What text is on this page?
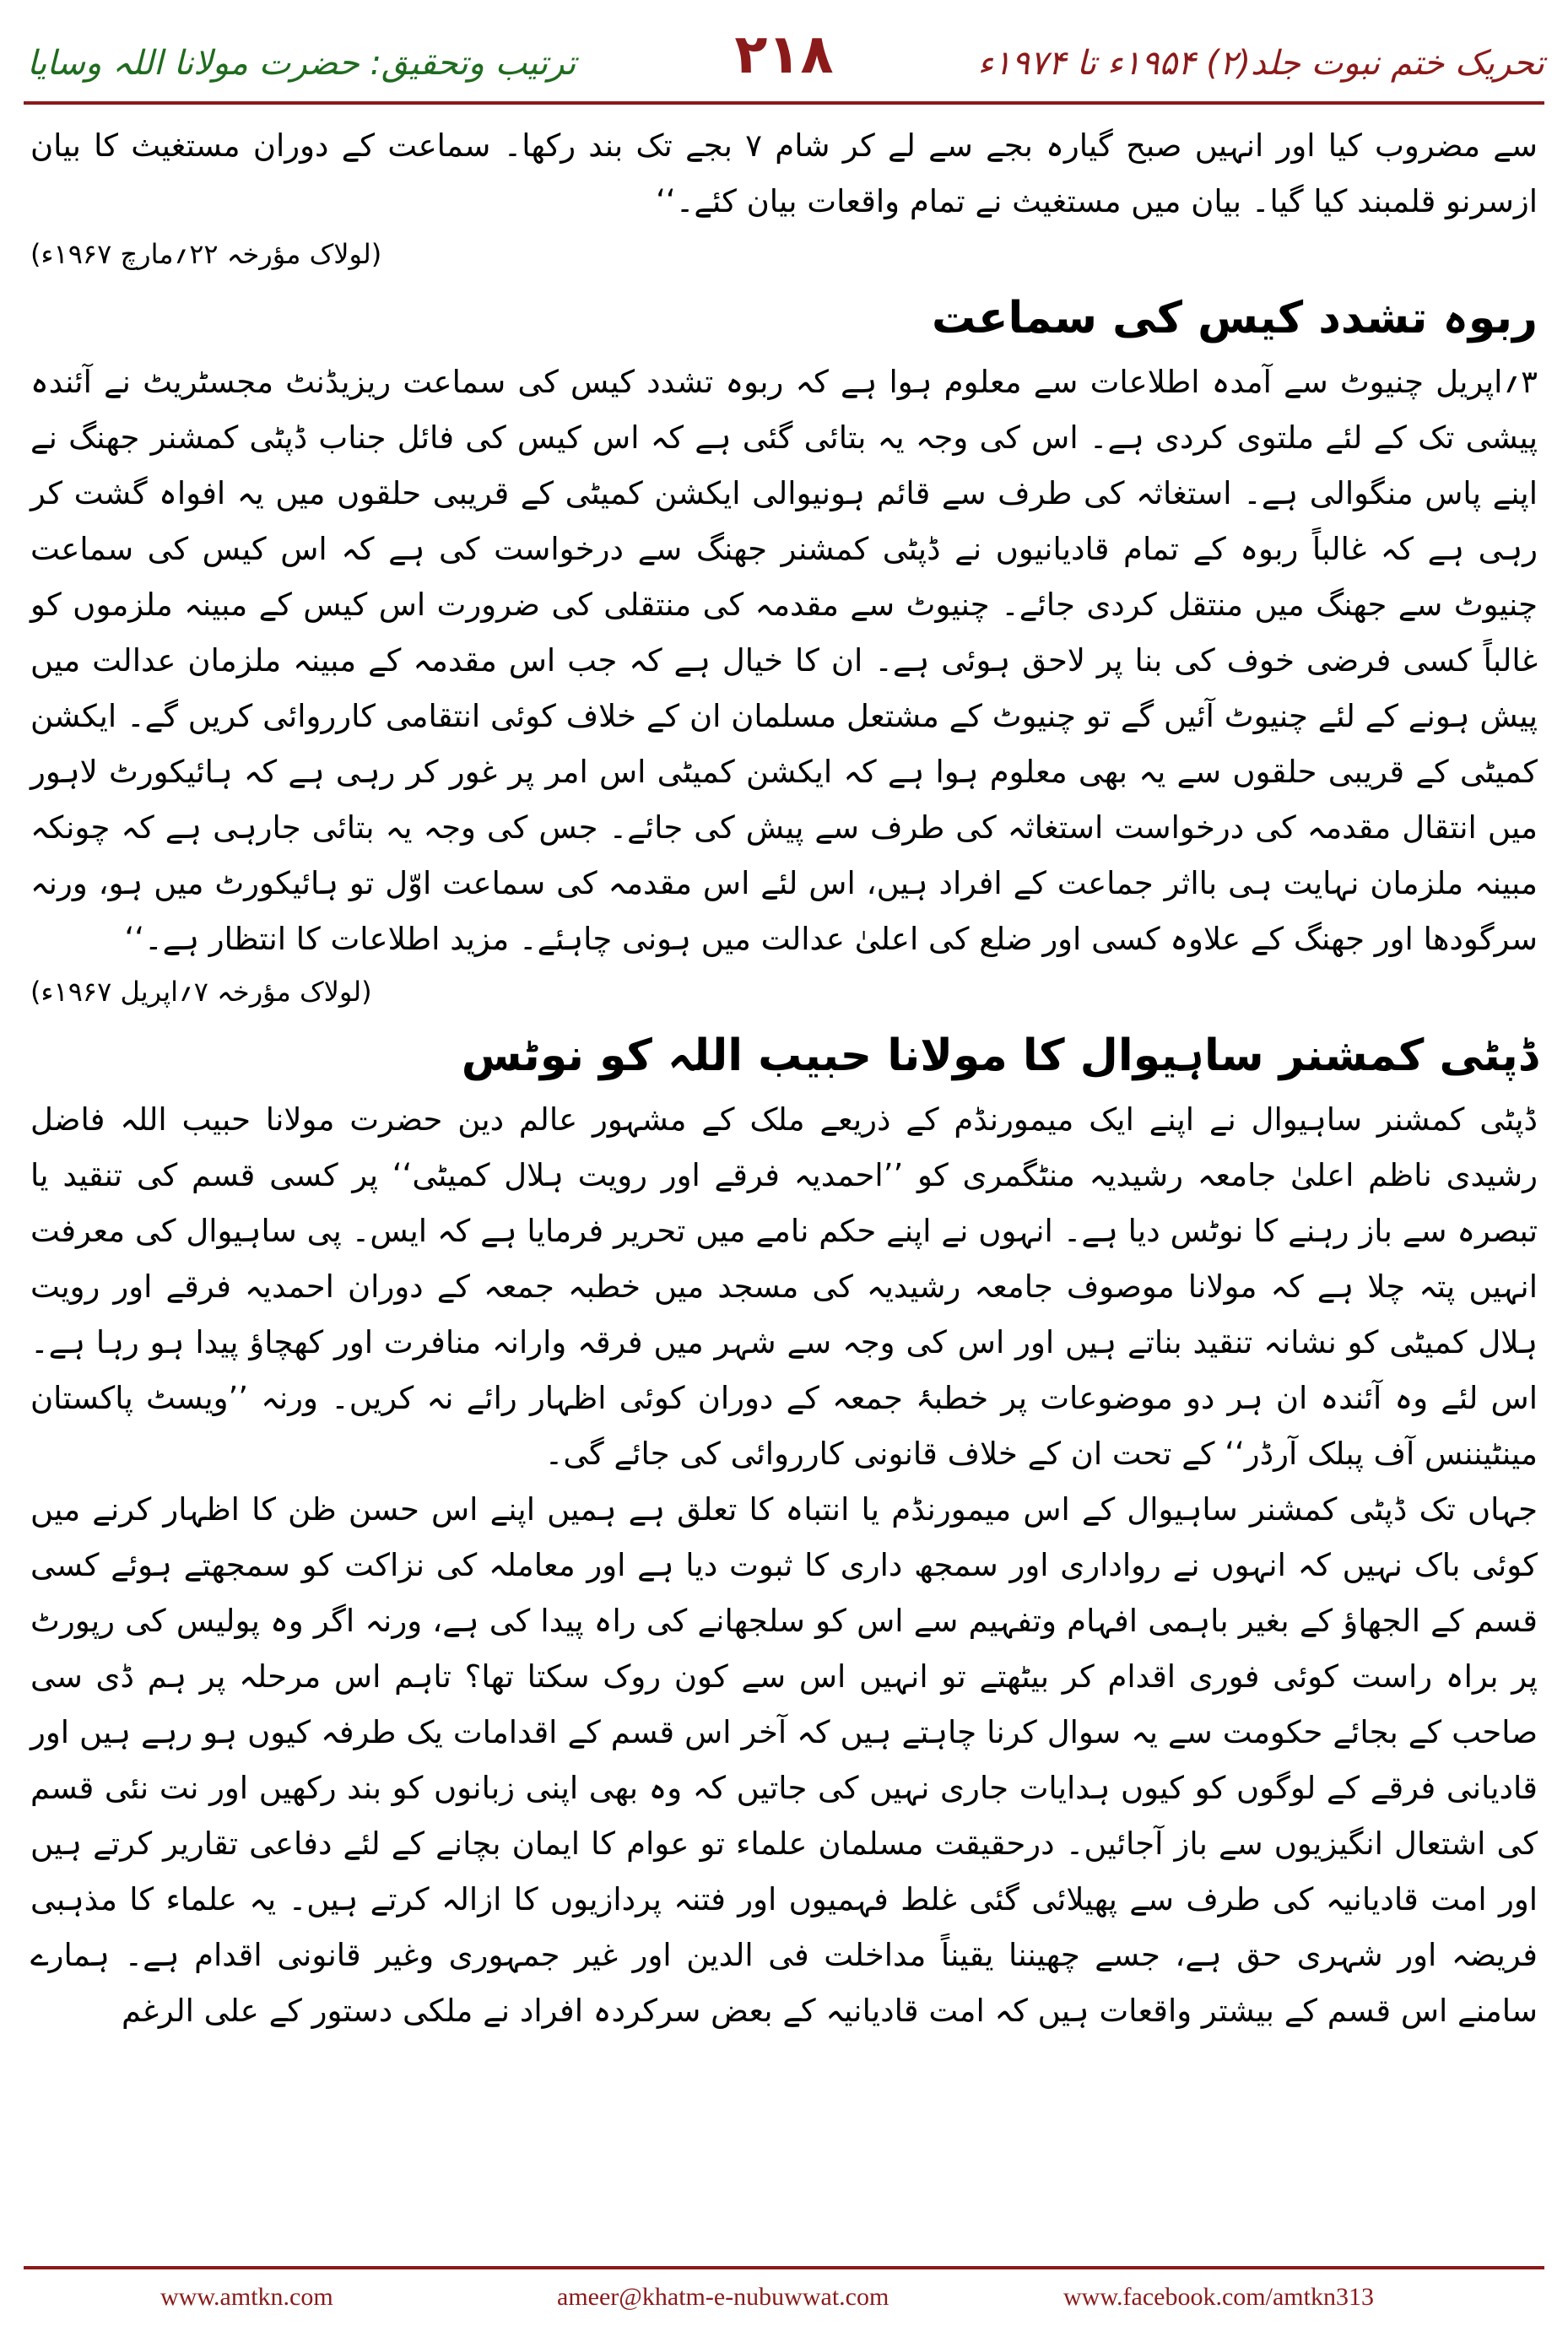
تحریک ختم نبوت جلد(۲) ۱۹۵۴ء تا ۱۹۷۴ء
۲۱۸
ترتیب وتحقیق: حضرت مولانا اللہ وسایا

سے مضروب کیا اور انہیں صبح گیارہ بجے سے لے کر شام ۷ بجے تک بند رکھا۔ سماعت کے دوران مستغیث کا بیان ازسرنو قلمبند کیا گیا۔ بیان میں مستغیث نے تمام واقعات بیان کئے۔‘‘

(لولاک مؤرخہ ۲۲؍مارچ ۱۹۶۷ء)
ربوہ تشدد کیس کی سماعت

۳؍اپریل چنیوٹ سے آمدہ اطلاعات سے معلوم ہوا ہے کہ ربوہ تشدد کیس کی سماعت ریزیڈنٹ مجسٹریٹ نے آئندہ پیشی تک کے لئے ملتوی کردی ہے۔ اس کی وجہ یہ بتائی گئی ہے کہ اس کیس کی فائل جناب ڈپٹی کمشنر جھنگ نے اپنے پاس منگوالی ہے۔ استغاثہ کی طرف سے قائم ہونیوالی ایکشن کمیٹی کے قریبی حلقوں میں یہ افواہ گشت کر رہی ہے کہ غالباً ربوہ کے تمام قادیانیوں نے ڈپٹی کمشنر جھنگ سے درخواست کی ہے کہ اس کیس کی سماعت چنیوٹ سے جھنگ میں منتقل کردی جائے۔ چنیوٹ سے مقدمہ کی منتقلی کی ضرورت اس کیس کے مبینہ ملزموں کو غالباً کسی فرضی خوف کی بنا پر لاحق ہوئی ہے۔ ان کا خیال ہے کہ جب اس مقدمہ کے مبینہ ملزمان عدالت میں پیش ہونے کے لئے چنیوٹ آئیں گے تو چنیوٹ کے مشتعل مسلمان ان کے خلاف کوئی انتقامی کارروائی کریں گے۔ ایکشن کمیٹی کے قریبی حلقوں سے یہ بھی معلوم ہوا ہے کہ ایکشن کمیٹی اس امر پر غور کر رہی ہے کہ ہائیکورٹ لاہور میں انتقال مقدمہ کی درخواست استغاثہ کی طرف سے پیش کی جائے۔ جس کی وجہ یہ بتائی جارہی ہے کہ چونکہ مبینہ ملزمان نہایت ہی بااثر جماعت کے افراد ہیں، اس لئے اس مقدمہ کی سماعت اوّل تو ہائیکورٹ میں ہو، ورنہ سرگودھا اور جھنگ کے علاوہ کسی اور ضلع کی اعلیٰ عدالت میں ہونی چاہئے۔ مزید اطلاعات کا انتظار ہے۔‘‘

(لولاک مؤرخہ ۷؍اپریل ۱۹۶۷ء)
ڈپٹی کمشنر ساہیوال کا مولانا حبیب اللہ کو نوٹس

ڈپٹی کمشنر ساہیوال نے اپنے ایک میمورنڈم کے ذریعے ملک کے مشہور عالم دین حضرت مولانا حبیب اللہ فاضل رشیدی ناظم اعلیٰ جامعہ رشیدیہ منٹگمری کو ’’احمدیہ فرقے اور رویت ہلال کمیٹی‘‘ پر کسی قسم کی تنقید یا تبصرہ سے باز رہنے کا نوٹس دیا ہے۔ انہوں نے اپنے حکم نامے میں تحریر فرمایا ہے کہ ایس۔ پی ساہیوال کی معرفت انہیں پتہ چلا ہے کہ مولانا موصوف جامعہ رشیدیہ کی مسجد میں خطبہ جمعہ کے دوران احمدیہ فرقے اور رویت ہلال کمیٹی کو نشانہ تنقید بناتے ہیں اور اس کی وجہ سے شہر میں فرقہ وارانہ منافرت اور کھچاؤ پیدا ہو رہا ہے۔ اس لئے وہ آئندہ ان ہر دو موضوعات پر خطبۂ جمعہ کے دوران کوئی اظہار رائے نہ کریں۔ ورنہ ’’ویسٹ پاکستان مینٹیننس آف پبلک آرڈر‘‘ کے تحت ان کے خلاف قانونی کارروائی کی جائے گی۔

جہاں تک ڈپٹی کمشنر ساہیوال کے اس میمورنڈم یا انتباہ کا تعلق ہے ہمیں اپنے اس حسن ظن کا اظہار کرنے میں کوئی باک نہیں کہ انہوں نے رواداری اور سمجھ داری کا ثبوت دیا ہے اور معاملہ کی نزاکت کو سمجھتے ہوئے کسی قسم کے الجھاؤ کے بغیر باہمی افہام وتفہیم سے اس کو سلجھانے کی راہ پیدا کی ہے، ورنہ اگر وہ پولیس کی رپورٹ پر براہ راست کوئی فوری اقدام کر بیٹھتے تو انہیں اس سے کون روک سکتا تھا؟ تاہم اس مرحلہ پر ہم ڈی سی صاحب کے بجائے حکومت سے یہ سوال کرنا چاہتے ہیں کہ آخر اس قسم کے اقدامات یک طرفہ کیوں ہو رہے ہیں اور قادیانی فرقے کے لوگوں کو کیوں ہدایات جاری نہیں کی جاتیں کہ وہ بھی اپنی زبانوں کو بند رکھیں اور نت نئی قسم کی اشتعال انگیزیوں سے باز آجائیں۔ درحقیقت مسلمان علماء تو عوام کا ایمان بچانے کے لئے دفاعی تقاریر کرتے ہیں اور امت قادیانیہ کی طرف سے پھیلائی گئی غلط فہمیوں اور فتنہ پردازیوں کا ازالہ کرتے ہیں۔ یہ علماء کا مذہبی فریضہ اور شہری حق ہے، جسے چھیننا یقیناً مداخلت فی الدین اور غیر جمہوری وغیر قانونی اقدام ہے۔ ہمارے سامنے اس قسم کے بیشتر واقعات ہیں کہ امت قادیانیہ کے بعض سرکردہ افراد نے ملکی دستور کے علی الرغم

www.amtkn.com	ameer@khatm-e-nubuwwat.com	www.facebook.com/amtkn313
